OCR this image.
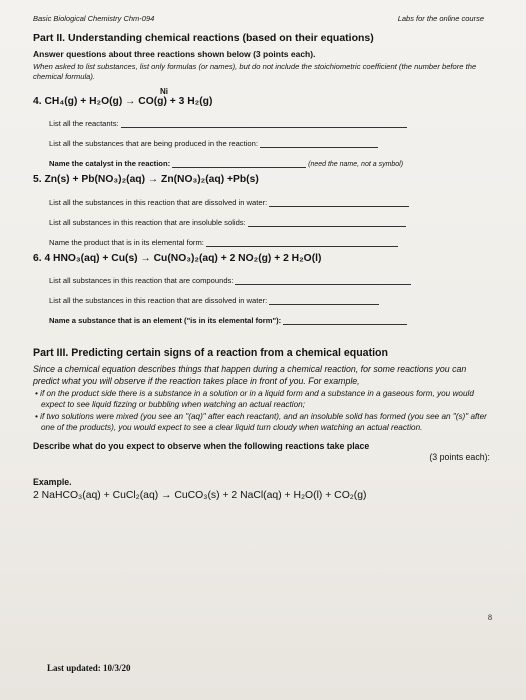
Basic Biological Chemistry Chm-094	Labs for the online course
Part II. Understanding chemical reactions (based on their equations)

Answer questions about three reactions shown below (3 points each).

When asked to list substances, list only formulas (or names), but do not include the stoichiometric coefficient (the number before the chemical formula).

Ni

4. CH₄(g) + H₂O(g) → CO(g) + 3 H₂(g)

List all the reactants:
List all the substances that are being produced in the reaction:
Name the catalyst in the reaction:	(need the name, not a symbol)

5. Zn(s) + Pb(NO₃)₂(aq) → Zn(NO₃)₂(aq) +Pb(s)

List all the substances in this reaction that are dissolved in water:
List all substances in this reaction that are insoluble solids:
Name the product that is in its elemental form:

6. 4 HNO₃(aq) + Cu(s) → Cu(NO₃)₂(aq) + 2 NO₂(g) + 2 H₂O(l)

List all substances in this reaction that are compounds:
List all the substances in this reaction that are dissolved in water:
Name a substance that is an element ("is in its elemental form"):
Part III. Predicting certain signs of a reaction from a chemical equation

Since a chemical equation describes things that happen during a chemical reaction, for some reactions you can predict what you will observe if the reaction takes place in front of you. For example,

• if on the product side there is a substance in a solution or in a liquid form and a substance in a gaseous form, you would expect to see liquid fizzing or bubbling when watching an actual reaction;

• if two solutions were mixed (you see an "(aq)" after each reactant), and an insoluble solid has formed (you see an "(s)" after one of the products), you would expect to see a clear liquid turn cloudy when watching an actual reaction.

Describe what do you expect to observe when the following reactions take place
(3 points each):

Example.

2 NaHCO₃(aq) + CuCl₂(aq) → CuCO₃(s) + 2 NaCl(aq) + H₂O(l) + CO₂(g)

8
Last updated: 10/3/20
